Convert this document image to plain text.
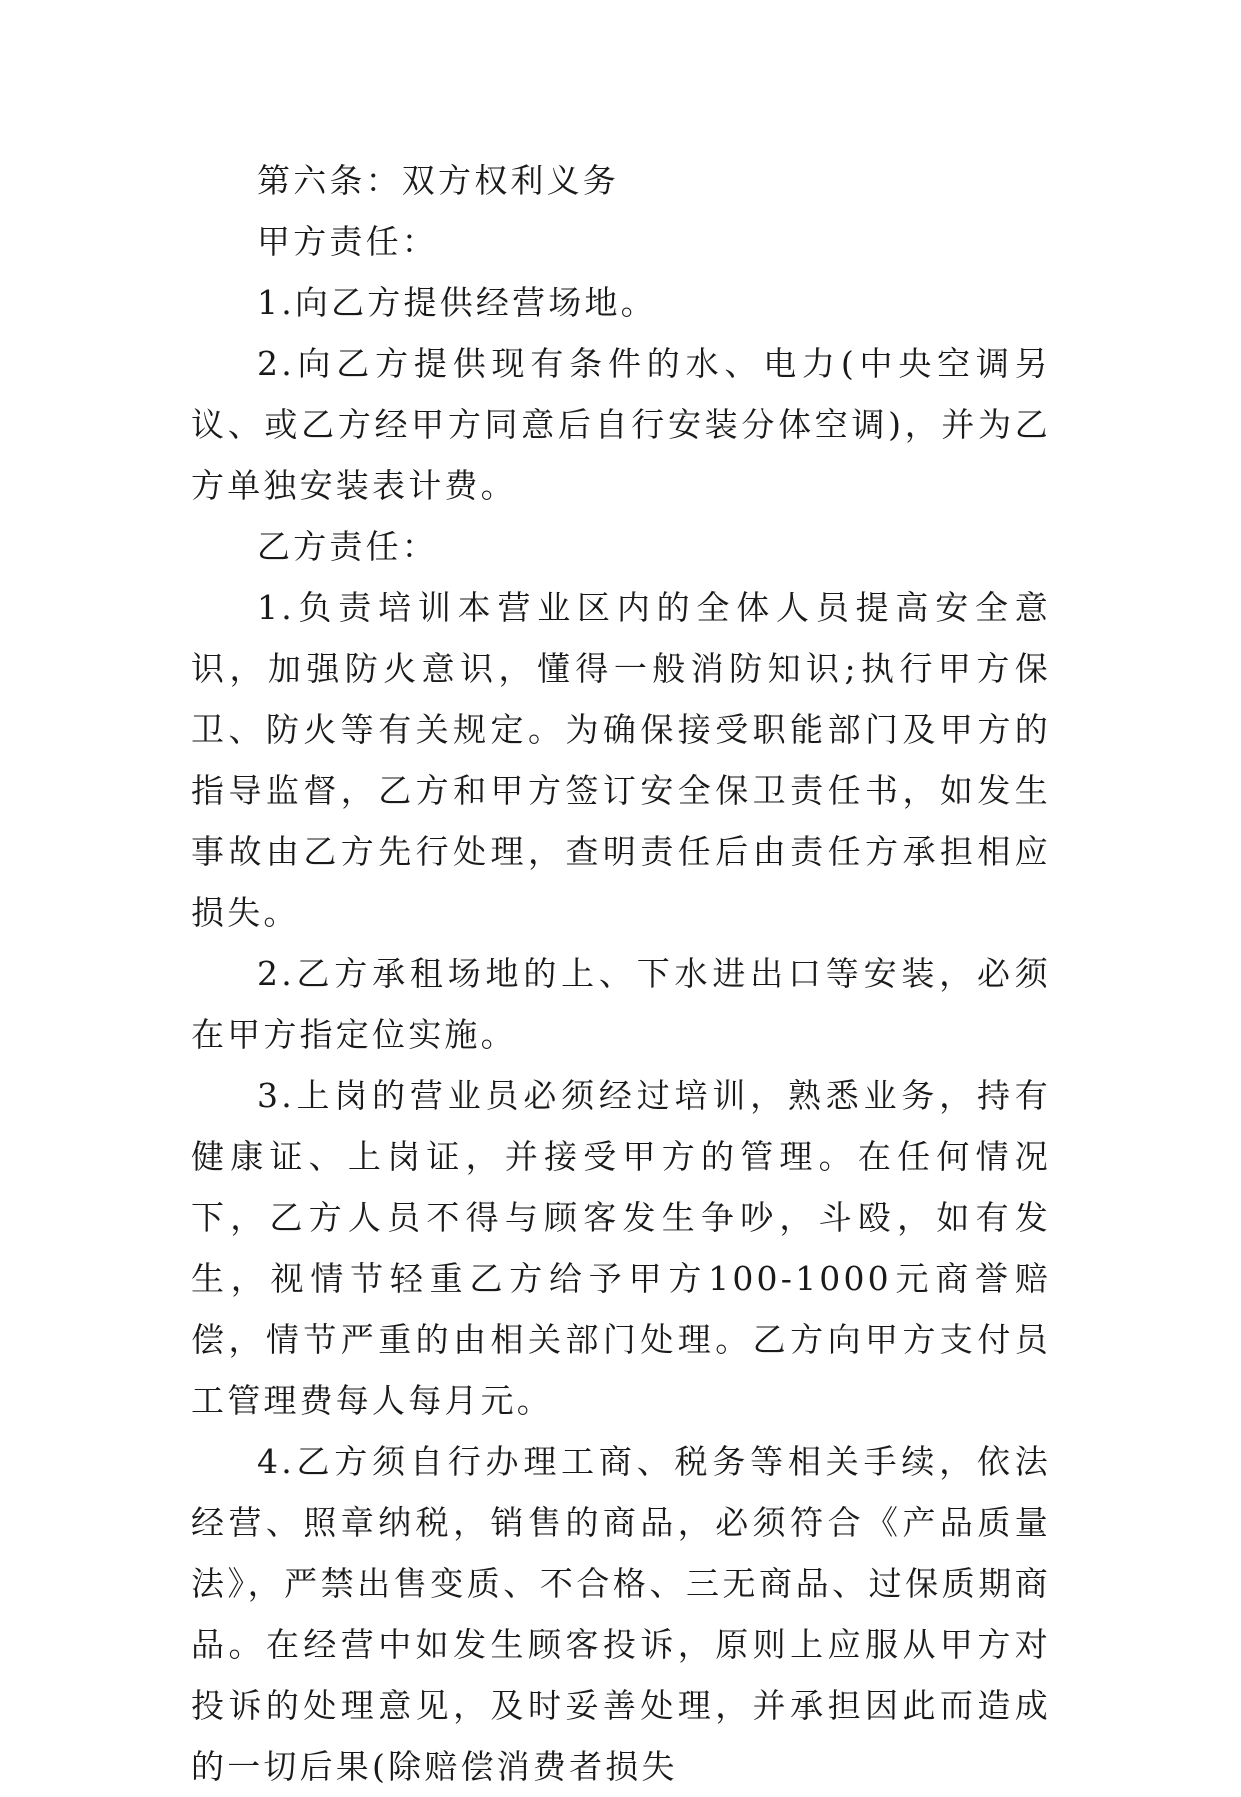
第六条：双方权利义务

甲方责任：

1.向乙方提供经营场地。

2.向乙方提供现有条件的水、电力(中央空调另议、或乙方经甲方同意后自行安装分体空调)，并为乙方单独安装表计费。

乙方责任：

1.负责培训本营业区内的全体人员提高安全意识，加强防火意识，懂得一般消防知识;执行甲方保卫、防火等有关规定。为确保接受职能部门及甲方的指导监督，乙方和甲方签订安全保卫责任书，如发生事故由乙方先行处理，查明责任后由责任方承担相应损失。

2.乙方承租场地的上、下水进出口等安装，必须在甲方指定位实施。

3.上岗的营业员必须经过培训，熟悉业务，持有健康证、上岗证，并接受甲方的管理。在任何情况下，乙方人员不得与顾客发生争吵，斗殴，如有发生，视情节轻重乙方给予甲方100-1000元商誉赔偿，情节严重的由相关部门处理。乙方向甲方支付员工管理费每人每月元。

4.乙方须自行办理工商、税务等相关手续，依法经营、照章纳税，销售的商品，必须符合《产品质量法》，严禁出售变质、不合格、三无商品、过保质期商品。在经营中如发生顾客投诉，原则上应服从甲方对投诉的处理意见，及时妥善处理，并承担因此而造成的一切后果(除赔偿消费者损失
